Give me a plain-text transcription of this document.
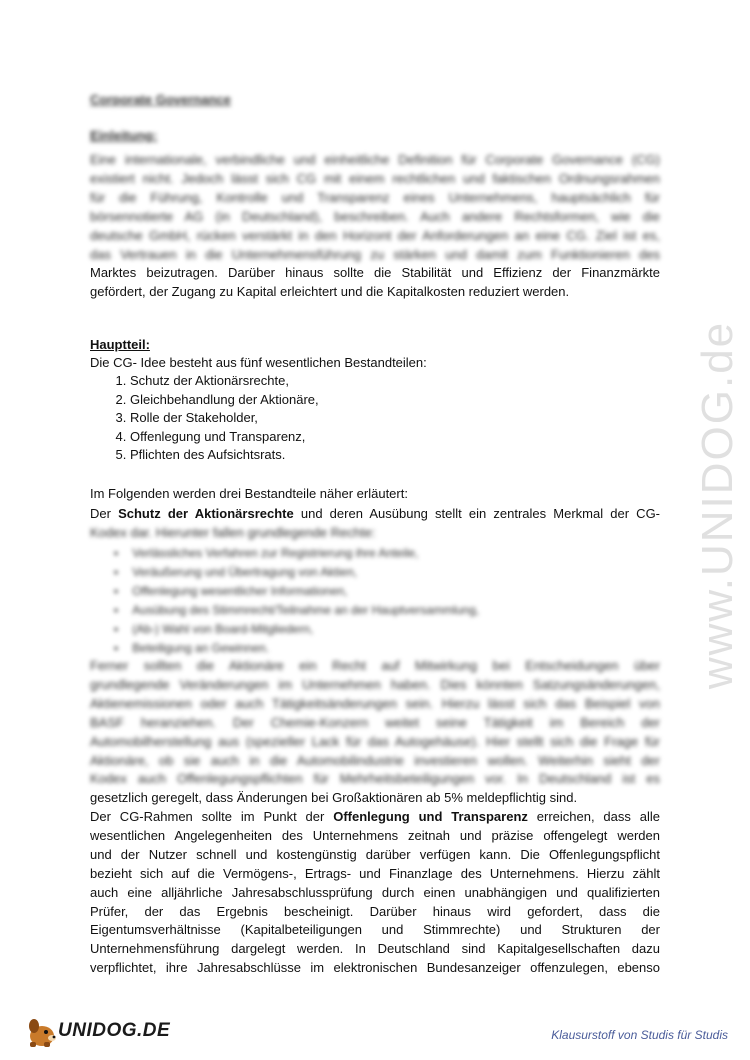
Corporate Governance
Einleitung:
Eine internationale, verbindliche und einheitliche Definition für Corporate Governance (CG)
existiert nicht. Jedoch lässt sich CG mit einem rechtlichen und faktischen Ordnungsrahmen
für die Führung, Kontrolle und Transparenz eines Unternehmens, hauptsächlich für
börsennotierte AG (in Deutschland), beschreiben. Auch andere Rechtsformen, wie die
deutsche GmbH, rücken verstärkt in den Horizont der Anforderungen an eine CG. Ziel ist es,
das Vertrauen in die Unternehmensführung zu stärken und damit zum Funktionieren des
Marktes beizutragen. Darüber hinaus sollte die Stabilität und Effizienz der Finanzmärkte
gefördert, der Zugang zu Kapital erleichtert und die Kapitalkosten reduziert werden.
Hauptteil:
Die CG- Idee besteht aus fünf wesentlichen Bestandteilen:
1. Schutz der Aktionärsrechte,
2. Gleichbehandlung der Aktionäre,
3. Rolle der Stakeholder,
4. Offenlegung und Transparenz,
5. Pflichten des Aufsichtsrats.
Im Folgenden werden drei Bestandteile näher erläutert:
Der Schutz der Aktionärsrechte und deren Ausübung stellt ein zentrales Merkmal der CG-
Kodex dar. Hierunter fallen grundlegende Rechte:
▪ Verlässliches Verfahren zur Registrierung ihre Anteile,
▪ Veräußerung und Übertragung von Aktien,
▪ Offenlegung wesentlicher Informationen,
▪ Ausübung des Stimmrecht/Teilnahme an der Hauptversammlung,
▪ (Ab-) Wahl von Board-Mitgliedern,
▪ Beteiligung an Gewinnen.
Ferner sollten die Aktionäre ein Recht auf Mitwirkung bei Entscheidungen über
grundlegende Veränderungen im Unternehmen haben. Dies könnten Satzungsänderungen,
Aktienemissionen oder auch Tätigkeitsänderungen sein. Hierzu lässt sich das Beispiel von
BASF heranziehen. Der Chemie-Konzern weitet seine Tätigkeit im Bereich der
Automobilherstellung aus (spezieller Lack für das Autogehäuse). Hier stellt sich die Frage für
Aktionäre, ob sie auch in die Automobilindustrie investieren wollen. Weiterhin sieht der
Kodex auch Offenlegungspflichten für Mehrheitsbeteiligungen vor. In Deutschland ist es
gesetzlich geregelt, dass Änderungen bei Großaktionären ab 5% meldepflichtig sind.
Der CG-Rahmen sollte im Punkt der Offenlegung und Transparenz erreichen, dass alle
wesentlichen Angelegenheiten des Unternehmens zeitnah und präzise offengelegt werden
und der Nutzer schnell und kostengünstig darüber verfügen kann. Die Offenlegungspflicht
bezieht sich auf die Vermögens-, Ertrags- und Finanzlage des Unternehmens. Hierzu zählt
auch eine alljährliche Jahresabschlussprüfung durch einen unabhängigen und qualifizierten
Prüfer, der das Ergebnis bescheinigt. Darüber hinaus wird gefordert, dass die
Eigentumsverhältnisse (Kapitalbeteiligungen und Stimmrechte) und Strukturen der
Unternehmensführung dargelegt werden. In Deutschland sind Kapitalgesellschaften dazu
verpflichtet, ihre Jahresabschlüsse im elektronischen Bundesanzeiger offenzulegen, ebenso
www.UNIDOG.de
UNIDOG.DE	Klausurstoff von Studis für Studis
